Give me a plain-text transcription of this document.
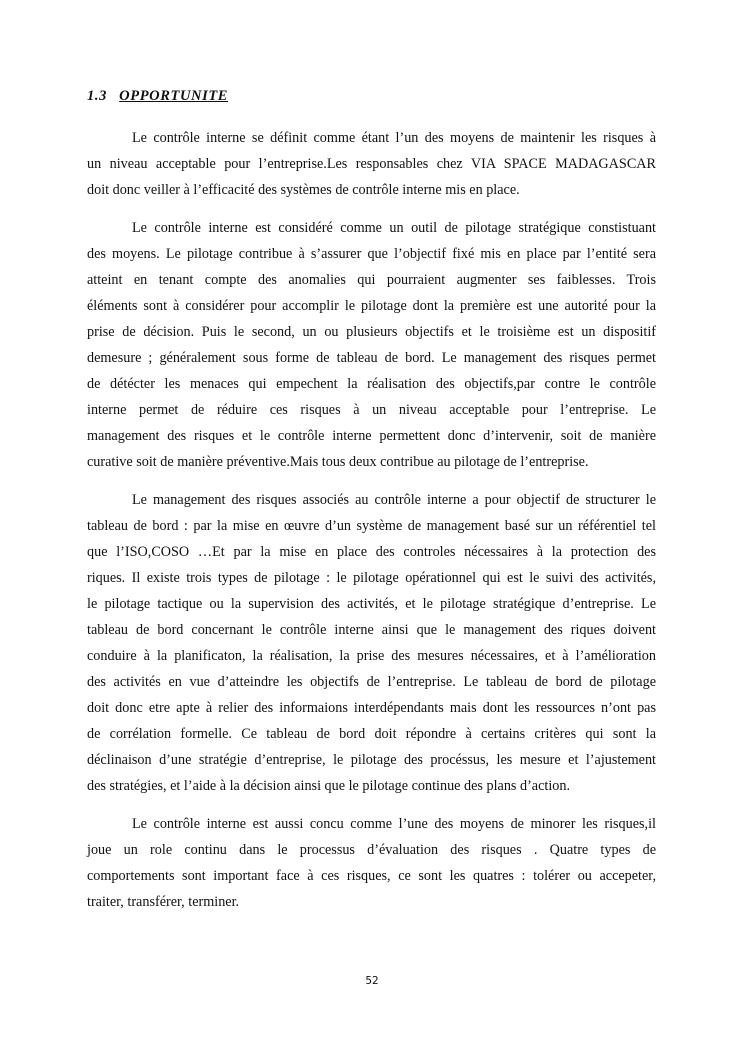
1.3 OPPORTUNITE
Le contrôle interne se définit comme étant l’un des moyens de maintenir les risques à
un niveau acceptable pour l’entreprise.Les responsables chez VIA SPACE MADAGASCAR
doit donc veiller à l’efficacité des systèmes de contrôle interne mis en place.
Le contrôle interne est considéré comme un outil de pilotage stratégique constistuant
des moyens. Le pilotage contribue à s’assurer que l’objectif fixé mis en place par l’entité sera
atteint en tenant compte des anomalies qui pourraient augmenter ses faiblesses. Trois
éléments sont à considérer pour accomplir le pilotage dont la première est une autorité pour la
prise de décision. Puis le second, un ou plusieurs objectifs et le troisième est un dispositif
demesure ; généralement sous forme de tableau de bord. Le management des risques permet
de détécter les menaces qui empechent la réalisation des objectifs,par contre le contrôle
interne permet de réduire ces risques à un niveau acceptable pour l’entreprise. Le
management des risques et le contrôle interne permettent donc d’intervenir, soit de manière
curative soit de manière préventive.Mais tous deux contribue au pilotage de l’entreprise.
Le management des risques associés au contrôle interne a pour objectif de structurer le
tableau de bord : par la mise en œuvre d’un système de management basé sur un référentiel tel
que l’ISO,COSO …Et par la mise en place des controles nécessaires à la protection des
riques. Il existe trois types de pilotage : le pilotage opérationnel qui est le suivi des activités,
le pilotage tactique ou la supervision des activités, et le pilotage stratégique d’entreprise. Le
tableau de bord concernant le contrôle interne ainsi que le management des riques doivent
conduire à la planificaton, la réalisation, la prise des mesures nécessaires, et à l’amélioration
des activités en vue d’atteindre les objectifs de l’entreprise. Le tableau de bord de pilotage
doit donc etre apte à relier des informaions interdépendants mais dont les ressources n’ont pas
de corrélation formelle. Ce tableau de bord doit répondre à certains critères qui sont la
déclinaison d’une stratégie d’entreprise, le pilotage des procéssus, les mesure et l’ajustement
des stratégies, et l’aide à la décision ainsi que le pilotage continue des plans d’action.
Le contrôle interne est aussi concu comme l’une des moyens de minorer les risques,il
joue un role continu dans le processus d’évaluation des risques . Quatre types de
comportements sont important face à ces risques, ce sont les quatres : tolérer ou accepeter,
traiter, transférer, terminer.
52
